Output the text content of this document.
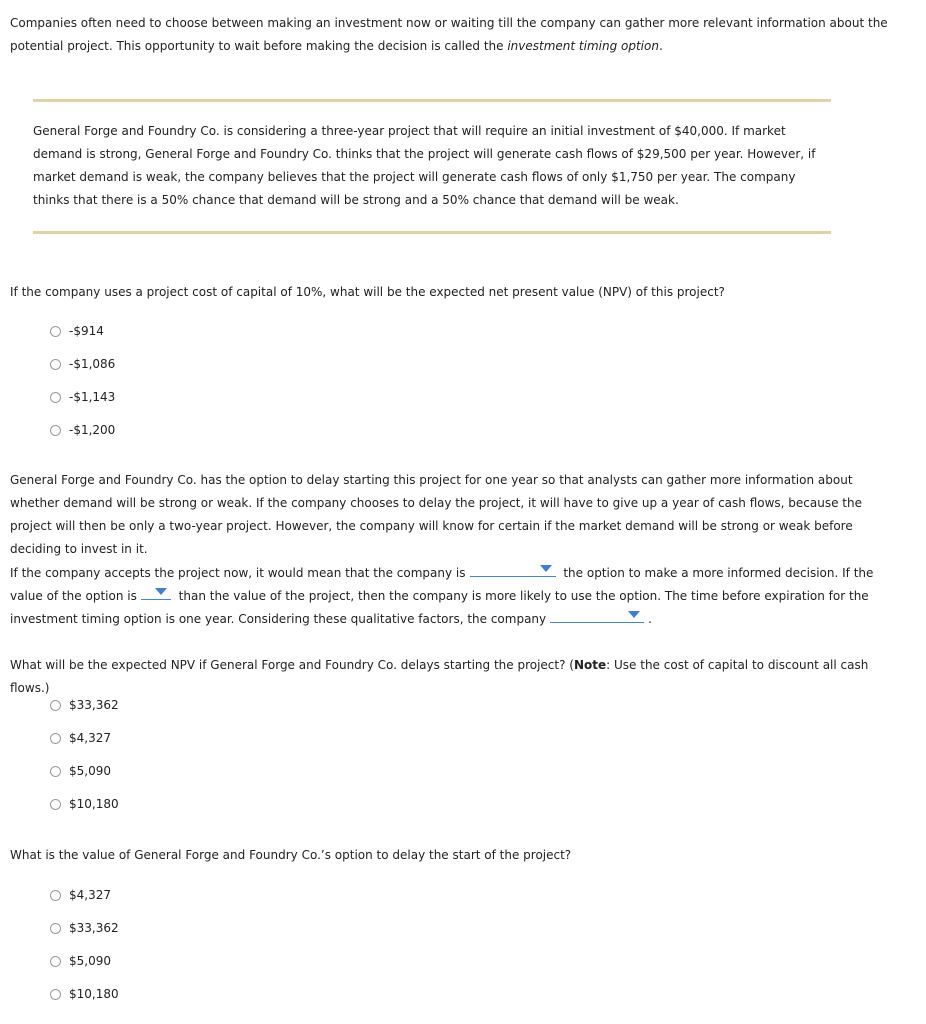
Companies often need to choose between making an investment now or waiting till the company can gather more relevant information about the potential project. This opportunity to wait before making the decision is called the investment timing option.

General Forge and Foundry Co. is considering a three-year project that will require an initial investment of $40,000. If market demand is strong, General Forge and Foundry Co. thinks that the project will generate cash flows of $29,500 per year. However, if market demand is weak, the company believes that the project will generate cash flows of only $1,750 per year. The company thinks that there is a 50% chance that demand will be strong and a 50% chance that demand will be weak.

If the company uses a project cost of capital of 10%, what will be the expected net present value (NPV) of this project?

-$914
-$1,086
-$1,143
-$1,200

General Forge and Foundry Co. has the option to delay starting this project for one year so that analysts can gather more information about whether demand will be strong or weak. If the company chooses to delay the project, it will have to give up a year of cash flows, because the project will then be only a two-year project. However, the company will know for certain if the market demand will be strong or weak before deciding to invest in it.

If the company accepts the project now, it would mean that the company is	the option to make a more informed decision. If the value of the option is	than the value of the project, then the company is more likely to use the option. The time before expiration for the investment timing option is one year. Considering these qualitative factors, the company	.

What will be the expected NPV if General Forge and Foundry Co. delays starting the project? (Note: Use the cost of capital to discount all cash flows.)

$33,362
$4,327
$5,090
$10,180

What is the value of General Forge and Foundry Co.’s option to delay the start of the project?

$4,327
$33,362
$5,090
$10,180
